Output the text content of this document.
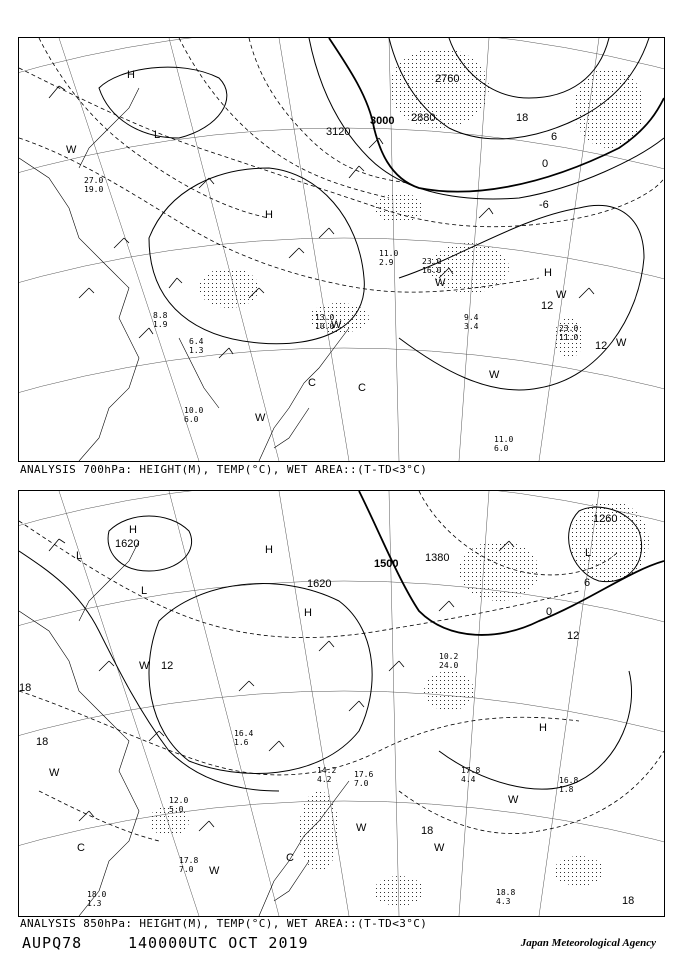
3120
3000 2880
2760
18
12
6
0
-6
12
H
H
H
L
C	C
W
W
W
W
W
W
W
9.4
3.4	23.0
11.0
11.0
6.0
10.0
6.0
13.0
10.0
6.4
1.3
8.8
1.9
27.0
19.0
23.0
16.0
11.0
2.9
ANALYSIS 700hPa: HEIGHT(M), TEMP(°C), WET AREA::(T-TD<3°C)
1500 1380
1620
1620
1260
18
18
18
18
12
12
6
0
H
H
H
H
L
L
L
C
C
W
W
W
W
W
W
17.8
4.4	16.8
1.8
17.6
7.0
18.8
4.3
17.8
7.0
14.2
4.2
18.0
1.3
10.2
24.0
12.0
5.0
16.4
1.6
ANALYSIS 850hPa: HEIGHT(M), TEMP(°C), WET AREA::(T-TD<3°C)
AUPQ78	140000UTC OCT 2019	Japan Meteorological Agency
